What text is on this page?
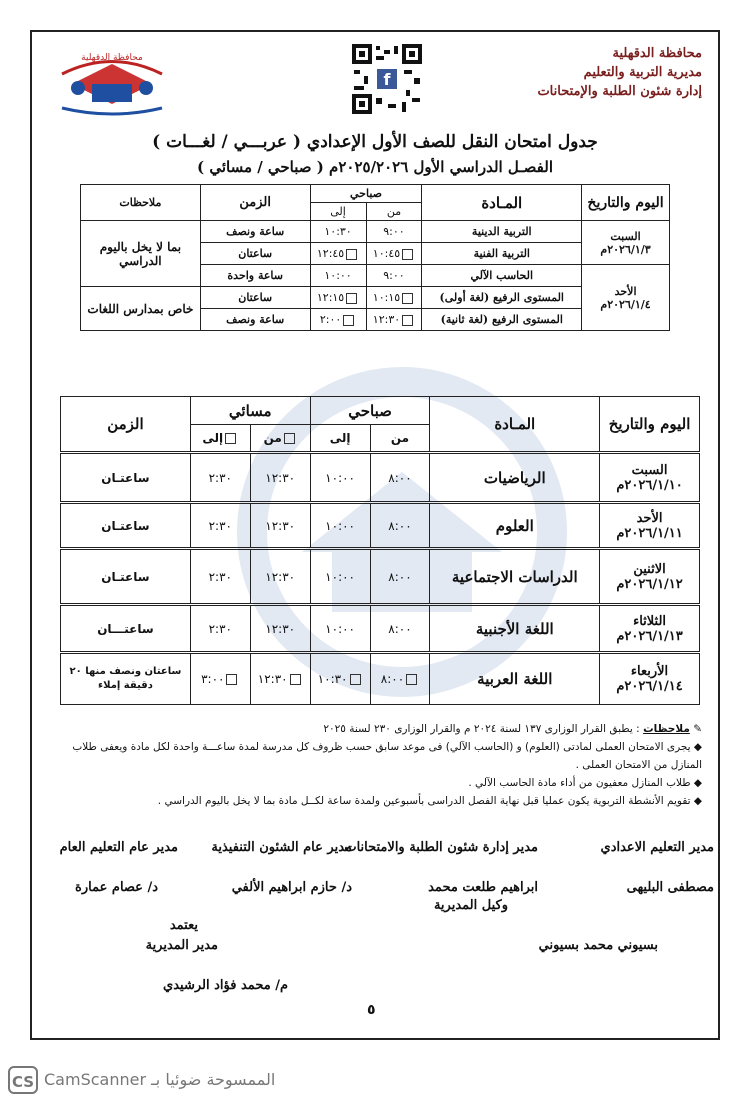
محافظة الدقهلية
مديرية التربية والتعليم
إدارة شئون الطلبة والإمتحانات
f
محافظة الدقهلية
جدول امتحان النقل للصف الأول الإعدادي ( عربـــي / لغـــات )
الفصـل الدراسي الأول ٢٠٢٥/٢٠٢٦م ( صباحي / مسائي )
اليوم والتاريخ	المـادة	صباحي		الزمن	ملاحظات
		من	إلى		

السبت
٢٠٢٦/١/٣م	التربية الدينية	٩:٠٠	١٠:٣٠	ساعة ونصف	بما لا يخل باليوم الدراسي
	التربية الفنية	١٠:٤٥	١٢:٤٥	ساعتان	

الأحد
٢٠٢٦/١/٤م	الحاسب الآلي	٩:٠٠	١٠:٠٠	ساعة واحدة	
	المستوى الرفيع (لغة أولى)	١٠:١٥	١٢:١٥	ساعتان	خاص بمدارس اللغات
	المستوى الرفيع (لغة ثانية)	١٢:٣٠	٢:٠٠	ساعة ونصف	
اليوم والتاريخ	المـادة	صباحي		مسائي		الزمن
		من	إلى	من	إلى	

السبت
٢٠٢٦/١/١٠م	الرياضيات	٨:٠٠	١٠:٠٠	١٢:٣٠	٢:٣٠	ساعتـان

الأحد
٢٠٢٦/١/١١م	العلوم	٨:٠٠	١٠:٠٠	١٢:٣٠	٢:٣٠	ساعتـان

الاثنين
٢٠٢٦/١/١٢م	الدراسات الاجتماعية	٨:٠٠	١٠:٠٠	١٢:٣٠	٢:٣٠	ساعتـان

الثلاثاء
٢٠٢٦/١/١٣م	اللغة الأجنبية	٨:٠٠	١٠:٠٠	١٢:٣٠	٢:٣٠	ساعتـــان

الأربعاء
٢٠٢٦/١/١٤م	اللغة العربية	٨:٠٠	١٠:٣٠	١٢:٣٠	٣:٠٠	ساعتان ونصف منها ٢٠ دقيقة إملاء
✎ ملاحظات : يطبق القرار الوزارى ١٣٧ لسنة ٢٠٢٤ م والقرار الوزارى ٢٣٠ لسنة ٢٠٢٥
◆ يجرى الامتحان العملى لمادتى (العلوم) و (الحاسب الآلي) فى موعد سابق حسب ظروف كل مدرسة لمدة ساعـــة واحدة لكل مادة ويعفى طلاب المنازل من الامتحان العملى .
◆ طلاب المنازل معفيون من أداء مادة الحاسب الآلي .
◆ تقويم الأنشطة التربوية يكون عمليا قبل نهاية الفصل الدراسى بأسبوعين ولمدة ساعة لكــل مادة بما لا يخل باليوم الدراسي .
مدير التعليم الاعدادي
مدير إدارة شئون الطلبة والامتحانات
مدير عام الشئون التنفيذية
مدير عام التعليم العام
مصطفى البليهى
ابراهيم طلعت محمد
وكيل المديرية
د/ حازم ابراهيم الألفي
د/ عصام عمارة
يعتمد
مدير المديرية	بسيوني محمد بسيوني
م/ محمد فؤاد الرشيدي
٥
CS الممسوحة ضوئيا بـ CamScanner
